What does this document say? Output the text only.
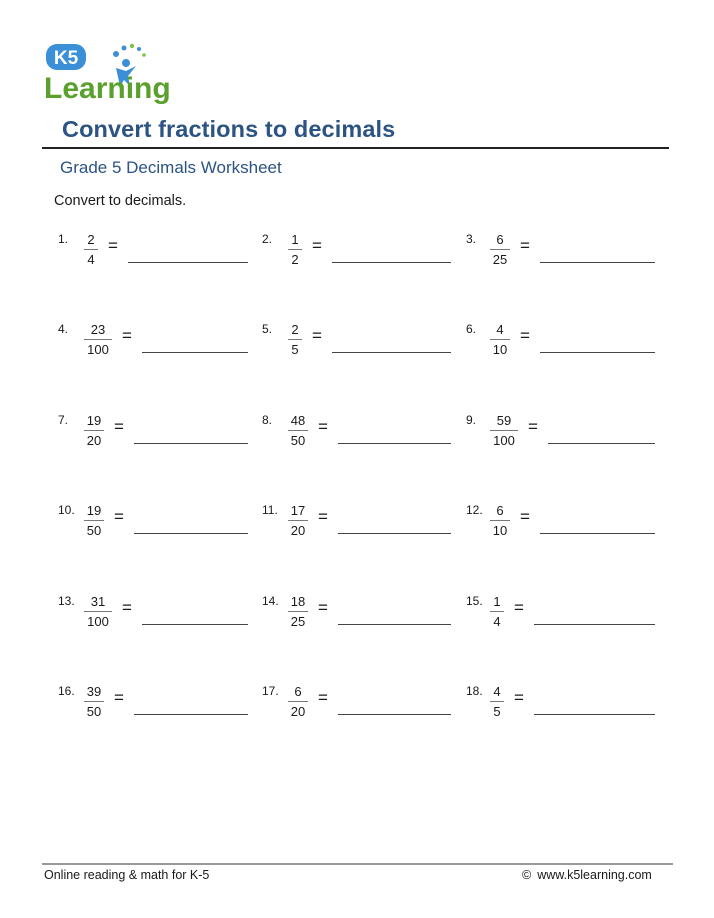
K5
Learning
Convert fractions to decimals
Grade 5 Decimals Worksheet
Convert to decimals.
1. 2
4
=	2. 1
2
=	3.	6
25
=
4.	23
100
=	5. 2
5
=	6.	4
10
=
7. 19
20
=	8. 48
50
=	9.	59
100
=
10. 19
50
=	11. 17
20
=	12.	6
10
=
13.	31
100
=	14. 18
25
=	15. 1
4
=
16. 39
50
=	17.	6
20
=	18. 4
5
=
Online reading & math for K-5	© www.k5learning.com
